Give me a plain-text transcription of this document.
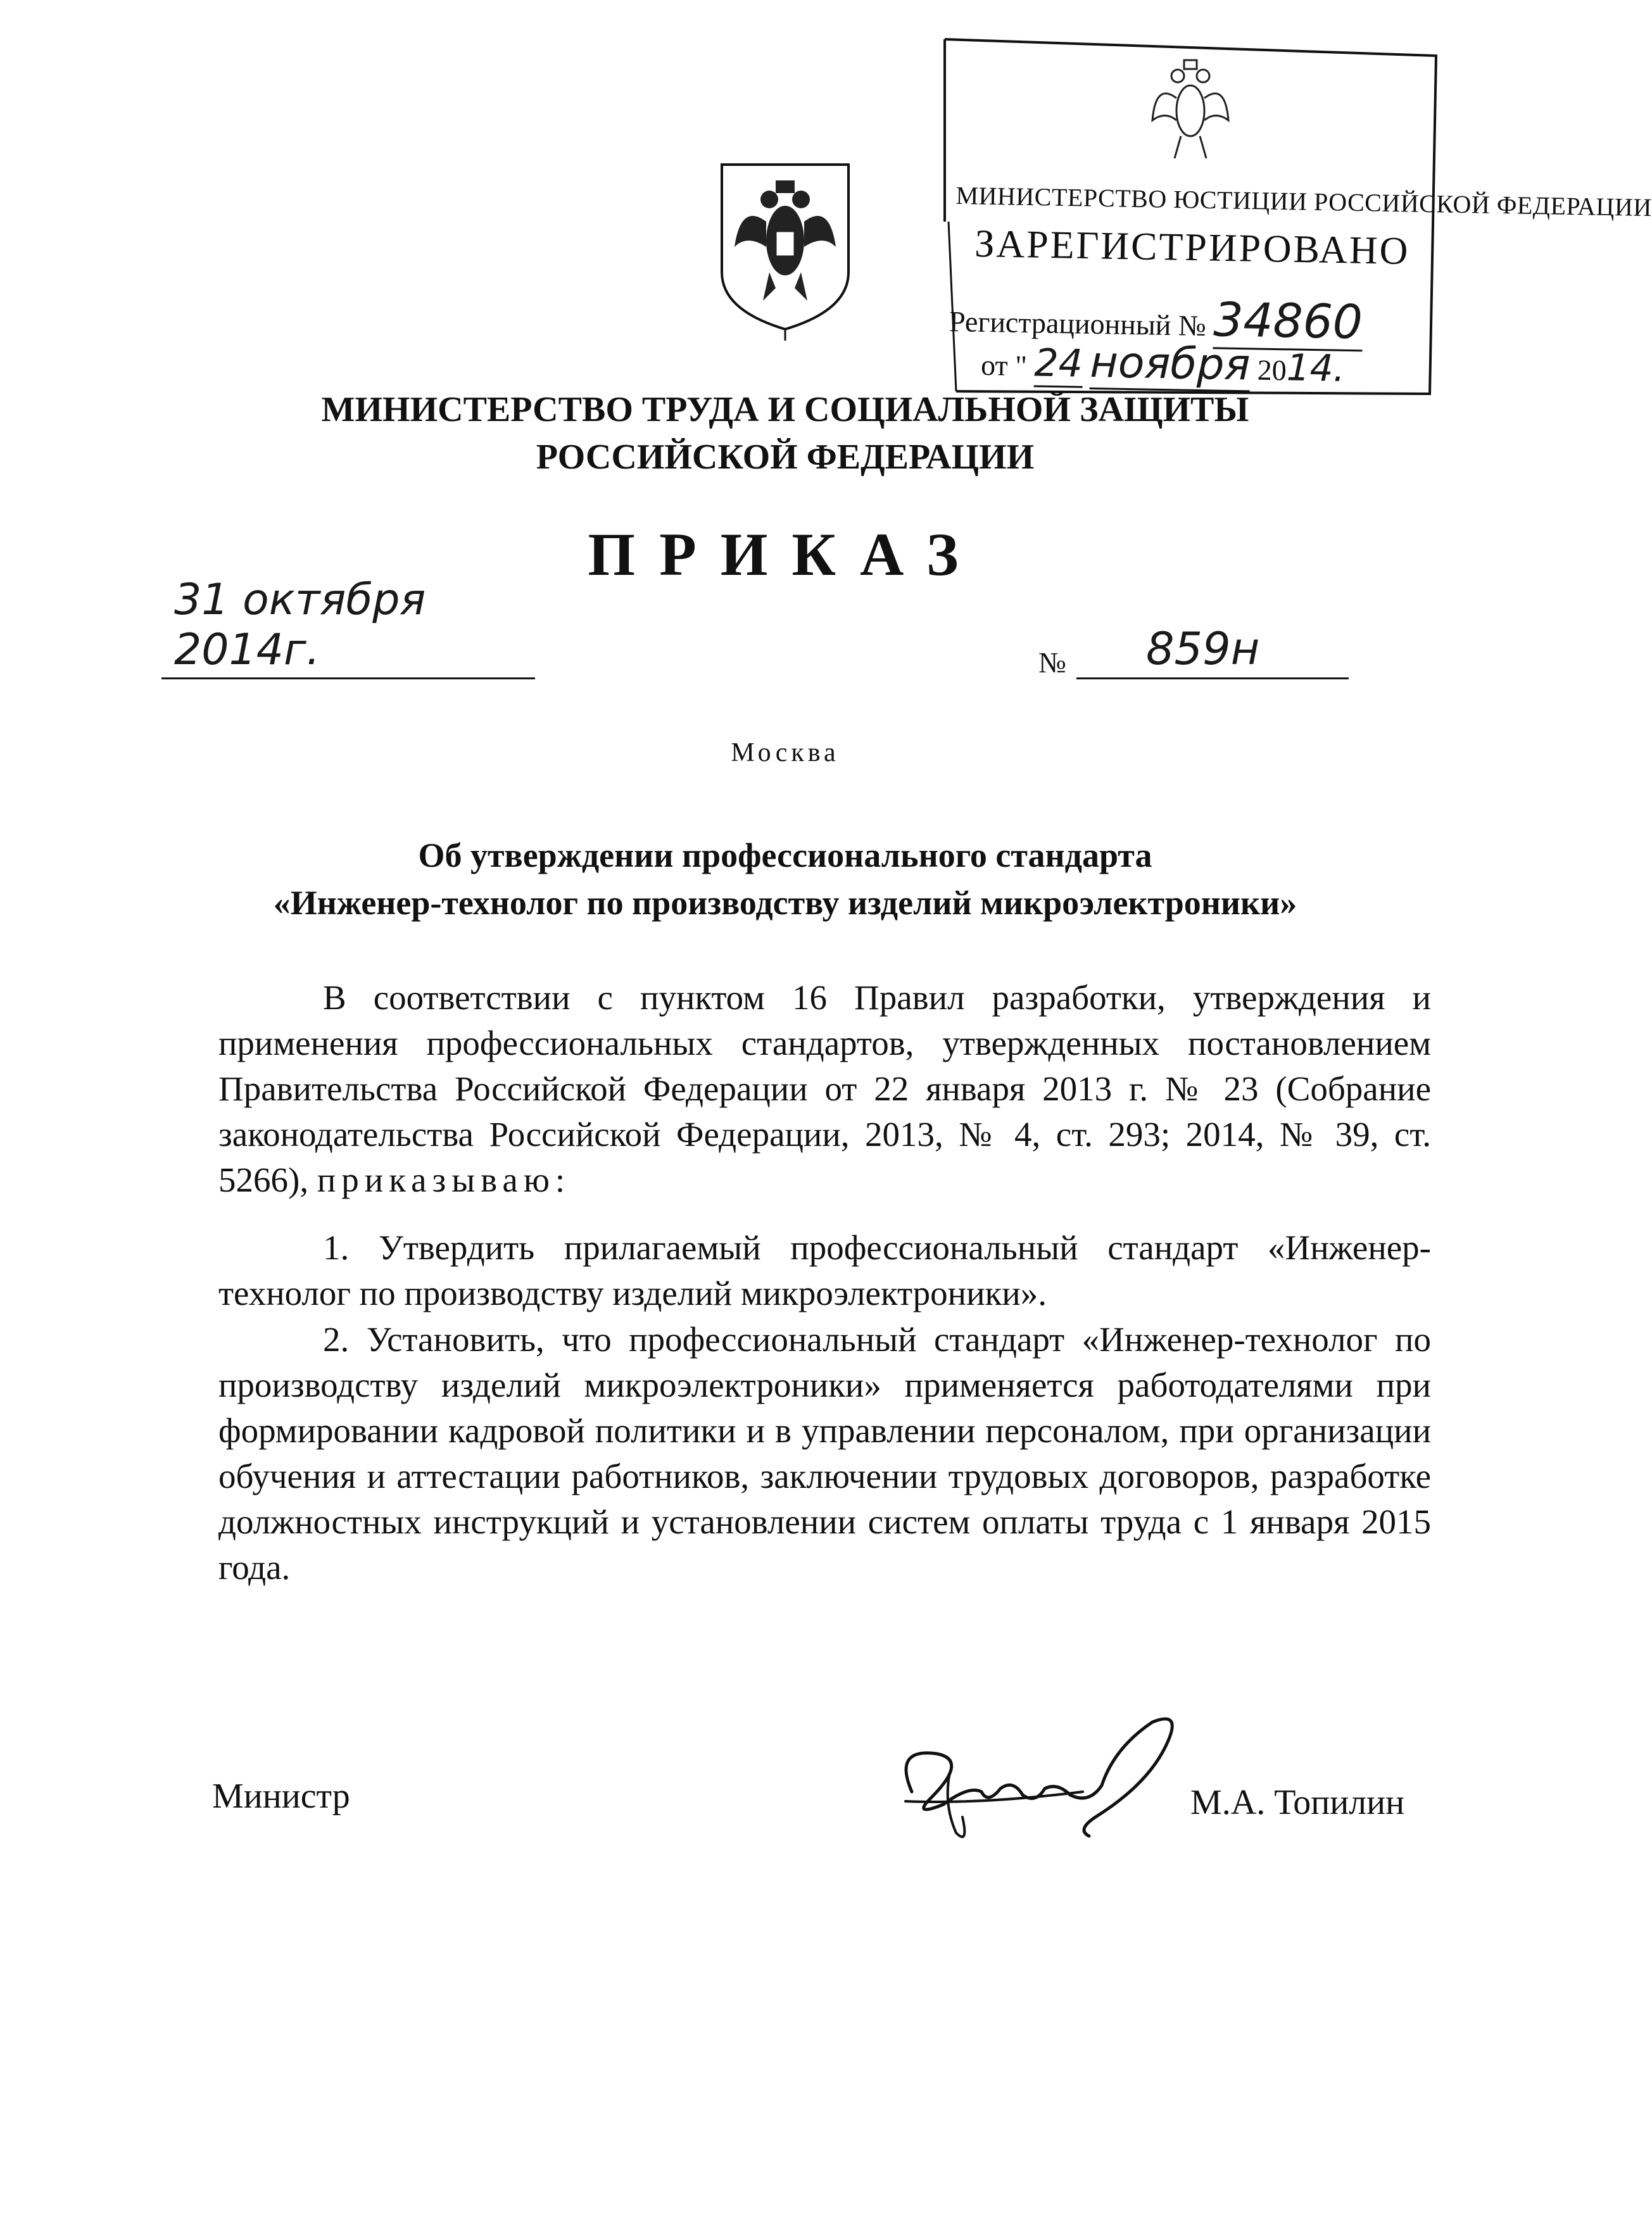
МИНИСТЕРСТВО ЮСТИЦИИ РОССИЙСКОЙ ФЕДЕРАЦИИ
ЗАРЕГИСТРИРОВАНО
Регистрационный № 34860
от " 24 ноября 2014.
МИНИСТЕРСТВО ТРУДА И СОЦИАЛЬНОЙ ЗАЩИТЫ
РОССИЙСКОЙ ФЕДЕРАЦИИ
ПРИКАЗ
31 октября 2014г.	№ 859н
Москва
Об утверждении профессионального стандарта
«Инженер-технолог по производству изделий микроэлектроники»
В соответствии с пунктом 16 Правил разработки, утверждения и применения профессиональных стандартов, утвержденных постановлением Правительства Российской Федерации от 22 января 2013 г. № 23 (Собрание законодательства Российской Федерации, 2013, № 4, ст. 293; 2014, № 39, ст. 5266), приказываю:
1. Утвердить прилагаемый профессиональный стандарт «Инженер-технолог по производству изделий микроэлектроники».
2. Установить, что профессиональный стандарт «Инженер-технолог по производству изделий микроэлектроники» применяется работодателями при формировании кадровой политики и в управлении персоналом, при организации обучения и аттестации работников, заключении трудовых договоров, разработке должностных инструкций и установлении систем оплаты труда с 1 января 2015 года.
Министр	М.А. Топилин
